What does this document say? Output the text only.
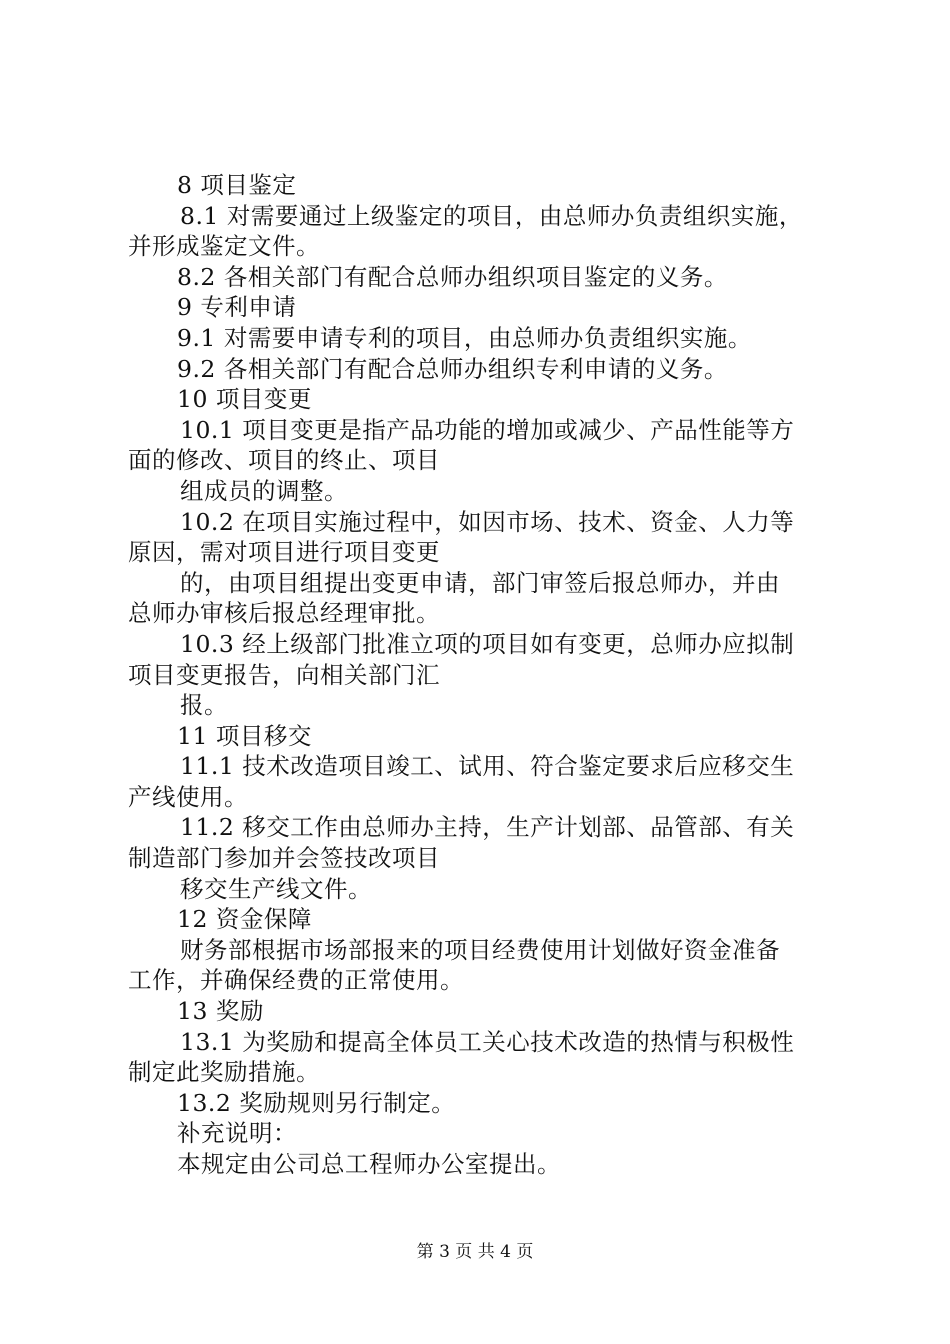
8 项目鉴定
8.1 对需要通过上级鉴定的项目，由总师办负责组织实施，
并形成鉴定文件。
8.2 各相关部门有配合总师办组织项目鉴定的义务。
9 专利申请
9.1 对需要申请专利的项目，由总师办负责组织实施。
9.2 各相关部门有配合总师办组织专利申请的义务。
10 项目变更
10.1 项目变更是指产品功能的增加或减少、产品性能等方
面的修改、项目的终止、项目
组成员的调整。
10.2 在项目实施过程中，如因市场、技术、资金、人力等
原因，需对项目进行项目变更
的，由项目组提出变更申请，部门审签后报总师办，并由
总师办审核后报总经理审批。
10.3 经上级部门批准立项的项目如有变更，总师办应拟制
项目变更报告，向相关部门汇
报。
11 项目移交
11.1 技术改造项目竣工、试用、符合鉴定要求后应移交生
产线使用。
11.2 移交工作由总师办主持，生产计划部、品管部、有关
制造部门参加并会签技改项目
移交生产线文件。
12 资金保障
财务部根据市场部报来的项目经费使用计划做好资金准备
工作，并确保经费的正常使用。
13 奖励
13.1 为奖励和提高全体员工关心技术改造的热情与积极性
制定此奖励措施。
13.2 奖励规则另行制定。
补充说明：
本规定由公司总工程师办公室提出。
第 3 页 共 4 页
